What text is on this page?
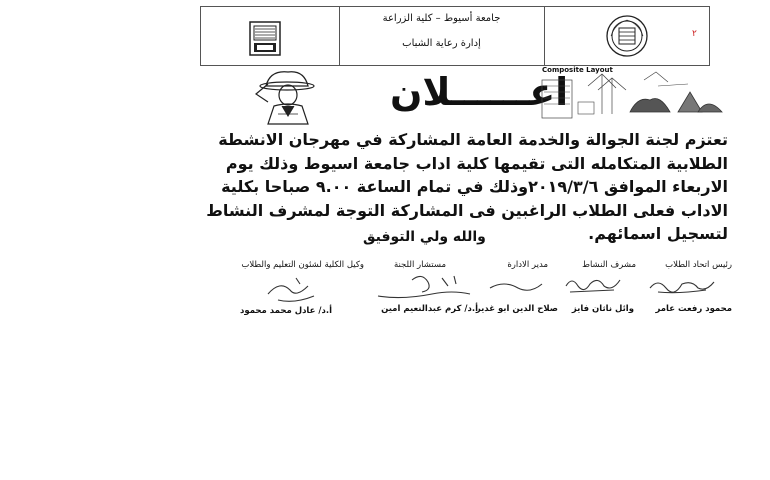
جامعة أسيوط – كلية الزراعة
إدارة رعاية الشباب
٢
اعــــــلان
Composite Layout
تعتزم لجنة الجوالة والخدمة العامة المشاركة في مهرجان الانشطة الطلابية المتكامله التى تقيمها كلية اداب جامعة اسيوط وذلك يوم الاربعاء الموافق ٢٠١٩/٣/٦وذلك في تمام الساعة ٩.٠٠ صباحا بكلية الاداب فعلى الطلاب الراغبين فى المشاركة التوجة لمشرف النشاط لتسجيل اسمائهم.
والله ولي التوفيق
رئيس اتحاد الطلاب
محمود رفعت عامر
مشرف النشاط
وائل ناثان فايز
مدير الادارة
صلاح الدين ابو غدير
مستشار اللجنة
أ.د/ كرم عبدالنعيم امين
وكيل الكلية لشئون التعليم والطلاب
أ.د/ عادل محمد محمود
